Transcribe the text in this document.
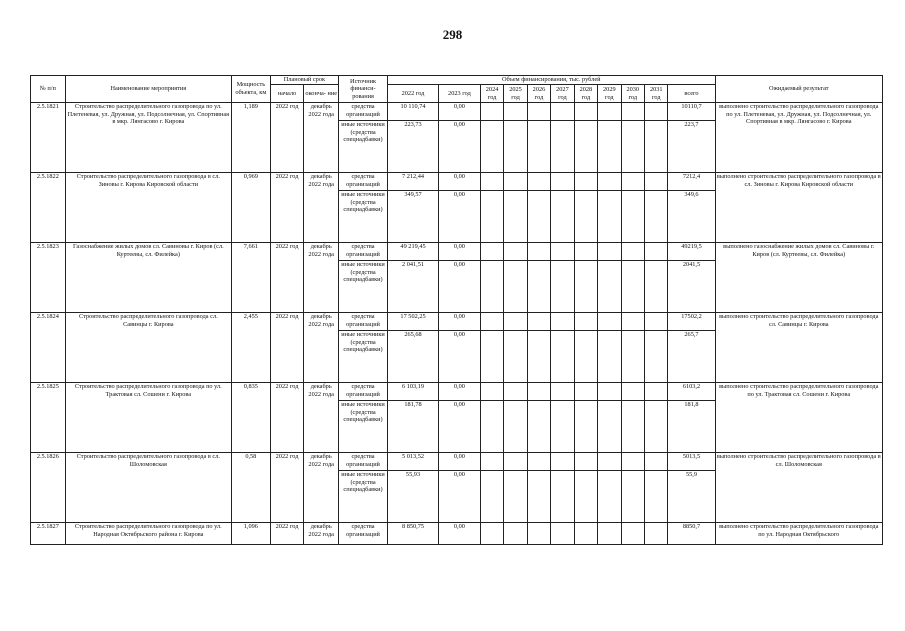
298
№ п/п	Наименование мероприятия	Мощность объекта, км	Плановый срок		Источник финанси- рования	Объем финансирования, тыс. рублей											Ожидаемый результат
			начало	оконча- ние		2022 год	2023 год	2024 год	2025 год	2026 год	2027 год	2028 год	2029 год	2030 год	2031 год	всего	

2.5.1821	Строительство распределительного газопровода по ул. Плетеневая, ул. Дружная, ул. Подсолнечная, ул. Спортивная в мкр. Лянгасово г. Кирова	1,189	2022 год	декабрь 2022 года	средства организаций	10 110,74	0,00									10110,7	выполнено строительство распределительного газопровода по ул. Плетеневая, ул. Дружная, ул. Подсолнечная, ул. Спортивная в мкр. Лянгасово г. Кирова
					иные источники (средства спецнадбавки)	223,73	0,00									223,7	
2.5.1822	Строительство распределительного газопровода в сл. Зиновы г. Кирова Кировской области	0,969	2022 год	декабрь 2022 года	средства организаций	7 212,44	0,00									7212,4	выполнено строительство распределительного газопровода в сл. Зиновы г. Кирова Кировской области
					иные источники (средства спецнадбавки)	349,57	0,00									349,6	
2.5.1823	Газоснабжение жилых домов сл. Савиновы г. Киров (сл. Куртеевы, сл. Филейка)	7,661	2022 год	декабрь 2022 года	средства организаций	49 219,45	0,00									49219,5	выполнено газоснабжение жилых домов сл. Савиновы г. Киров (сл. Куртеевы, сл. Филейка)
					иные источники (средства спецнадбавки)	2 041,51	0,00									2041,5	
2.5.1824	Строительство распределительного газопровода сл. Савинцы г. Кирова	2,455	2022 год	декабрь 2022 года	средства организаций	17 502,25	0,00									17502,2	выполнено строительство распределительного газопровода сл. Савинцы г. Кирова
					иные источники (средства спецнадбавки)	265,68	0,00									265,7	
2.5.1825	Строительство распределительного газопровода по ул. Трактовая сл. Сошени г. Кирова	0,835	2022 год	декабрь 2022 года	средства организаций	6 103,19	0,00									6103,2	выполнено строительство распределительного газопровода по ул. Трактовая сл. Сошени г. Кирова
					иные источники (средства спецнадбавки)	181,78	0,00									181,8	
2.5.1826	Строительство распределительного газопровода в сл. Шоломовская	0,58	2022 год	декабрь 2022 года	средства организаций	5 013,52	0,00									5013,5	выполнено строительство распределительного газопровода в сл. Шоломовская
					иные источники (средства спецнадбавки)	55,93	0,00									55,9	
2.5.1827	Строительство распределительного газопровода по ул. Народная Октябрьского района г. Кирова	1,096	2022 год	декабрь 2022 года	средства организаций	8 850,75	0,00									8850,7	выполнено строительство распределительного газопровода по ул. Народная Октябрьского
